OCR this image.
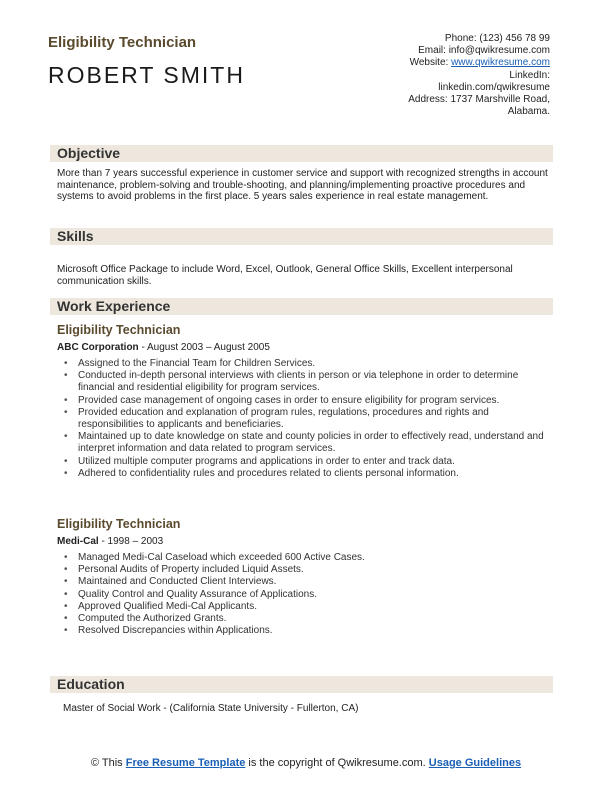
Eligibility Technician
ROBERT SMITH
Phone: (123) 456 78 99
Email: info@qwikresume.com
Website: www.qwikresume.com
LinkedIn:
linkedin.com/qwikresume
Address: 1737 Marshville Road,
Alabama.
Objective
More than 7 years successful experience in customer service and support with recognized strengths in account maintenance, problem-solving and trouble-shooting, and planning/implementing proactive procedures and systems to avoid problems in the first place. 5 years sales experience in real estate management.
Skills
Microsoft Office Package to include Word, Excel, Outlook, General Office Skills, Excellent interpersonal communication skills.
Work Experience
Eligibility Technician
ABC Corporation - August 2003 – August 2005
• Assigned to the Financial Team for Children Services.
• Conducted in-depth personal interviews with clients in person or via telephone in order to determine financial and residential eligibility for program services.
• Provided case management of ongoing cases in order to ensure eligibility for program services.
• Provided education and explanation of program rules, regulations, procedures and rights and responsibilities to applicants and beneficiaries.
• Maintained up to date knowledge on state and county policies in order to effectively read, understand and interpret information and data related to program services.
• Utilized multiple computer programs and applications in order to enter and track data.
• Adhered to confidentiality rules and procedures related to clients personal information.
Eligibility Technician
Medi-Cal - 1998 – 2003
• Managed Medi-Cal Caseload which exceeded 600 Active Cases.
• Personal Audits of Property included Liquid Assets.
• Maintained and Conducted Client Interviews.
• Quality Control and Quality Assurance of Applications.
• Approved Qualified Medi-Cal Applicants.
• Computed the Authorized Grants.
• Resolved Discrepancies within Applications.
Education
Master of Social Work - (California State University - Fullerton, CA)
© This Free Resume Template is the copyright of Qwikresume.com. Usage Guidelines
